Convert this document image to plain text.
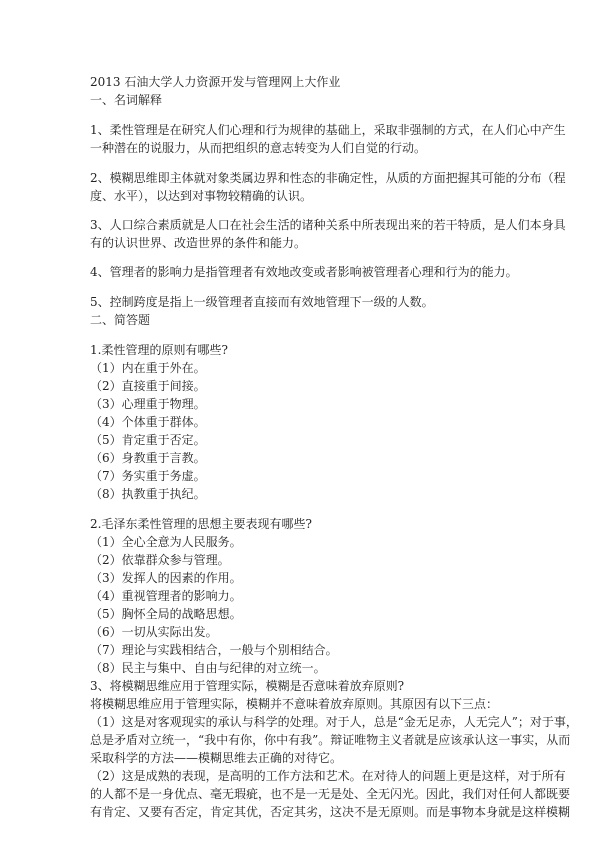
2013 石油大学人力资源开发与管理网上大作业
一、名词解释
1、柔性管理是在研究人们心理和行为规律的基础上，采取非强制的方式，在人们心中产生
一种潜在的说服力，从而把组织的意志转变为人们自觉的行动。
2、模糊思维即主体就对象类属边界和性态的非确定性，从质的方面把握其可能的分布（程
度、水平），以达到对事物较精确的认识。
3、人口综合素质就是人口在社会生活的诸种关系中所表现出来的若干特质，是人们本身具
有的认识世界、改造世界的条件和能力。
4、管理者的影响力是指管理者有效地改变或者影响被管理者心理和行为的能力。
5、控制跨度是指上一级管理者直接而有效地管理下一级的人数。
二、简答题
1.柔性管理的原则有哪些?
（1）内在重于外在。
（2）直接重于间接。
（3）心理重于物理。
（4）个体重于群体。
（5）肯定重于否定。
（6）身教重于言教。
（7）务实重于务虚。
（8）执教重于执纪。
2.毛泽东柔性管理的思想主要表现有哪些?
（1）全心全意为人民服务。
（2）依靠群众参与管理。
（3）发挥人的因素的作用。
（4）重视管理者的影响力。
（5）胸怀全局的战略思想。
（6）一切从实际出发。
（7）理论与实践相结合，一般与个别相结合。
（8）民主与集中、自由与纪律的对立统一。
3、将模糊思维应用于管理实际，模糊是否意味着放弃原则?
将模糊思维应用于管理实际，模糊并不意味着放弃原则。其原因有以下三点：
（1）这是对客观现实的承认与科学的处理。对于人，总是“金无足赤，人无完人”；对于事，
总是矛盾对立统一，“我中有你，你中有我”。辩证唯物主义者就是应该承认这一事实，从而
采取科学的方法——模糊思维去正确的对待它。
（2）这是成熟的表现，是高明的工作方法和艺术。在对待人的问题上更是这样，对于所有
的人都不是一身优点、毫无瑕疵，也不是一无是处、全无闪光。因此，我们对任何人都既要
有肯定、又要有否定，肯定其优，否定其劣，这决不是无原则。而是事物本身就是这样模糊
